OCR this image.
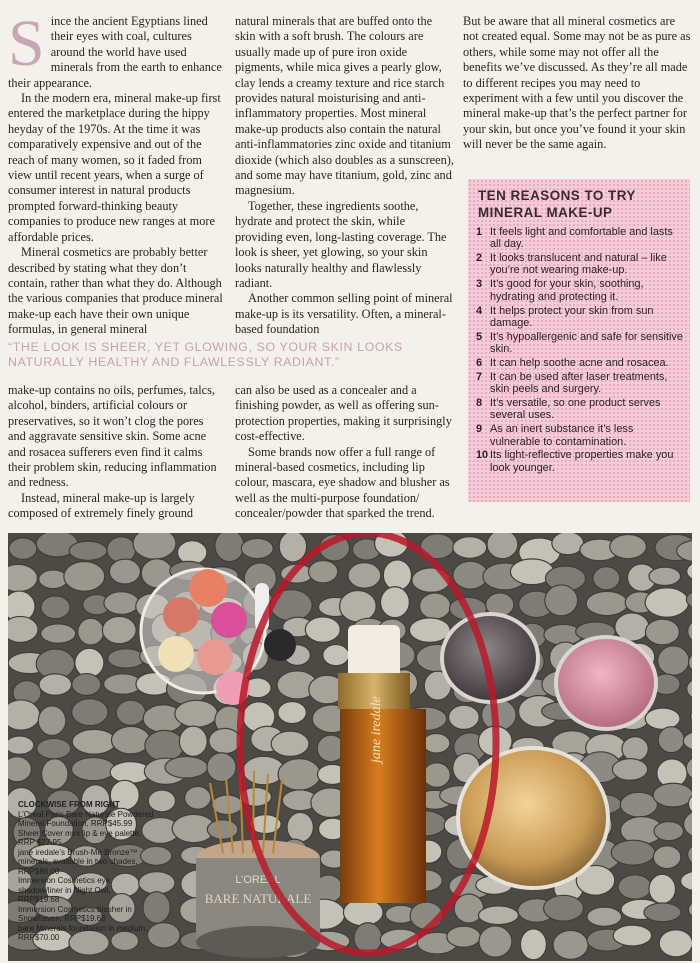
S ince the ancient Egyptians lined their eyes with coal, cultures around the world have used minerals from the earth to enhance their appearance.

In the modern era, mineral make-up first entered the marketplace during the hippy heyday of the 1970s. At the time it was comparatively expensive and out of the reach of many women, so it faded from view until recent years, when a surge of consumer interest in natural products prompted forward-thinking beauty companies to produce new ranges at more affordable prices.

Mineral cosmetics are probably better described by stating what they don’t contain, rather than what they do. Although the various companies that produce mineral make-up each have their own unique formulas, in general mineral

natural minerals that are buffed onto the skin with a soft brush. The colours are usually made up of pure iron oxide pigments, while mica gives a pearly glow, clay lends a creamy texture and rice starch provides natural moisturising and anti-inflammatory properties. Most mineral make-up products also contain the natural anti-inflammatories zinc oxide and titanium dioxide (which also doubles as a sunscreen), and some may have titanium, gold, zinc and magnesium.

Together, these ingredients soothe, hydrate and protect the skin, while providing even, long-lasting coverage. The look is sheer, yet glowing, so your skin looks naturally healthy and flawlessly radiant.

Another common selling point of mineral make-up is its versatility. Often, a mineral-based foundation

But be aware that all mineral cosmetics are not created equal. Some may not be as pure as others, while some may not offer all the benefits we’ve discussed. As they’re all made to different recipes you may need to experiment with a few until you discover the mineral make-up that’s the perfect partner for your skin, but once you’ve found it your skin will never be the same again.

“THE LOOK IS SHEER, YET GLOWING, SO YOUR SKIN LOOKS NATURALLY HEALTHY AND FLAWLESSLY RADIANT.”

make-up contains no oils, perfumes, talcs, alcohol, binders, artificial colours or preservatives, so it won’t clog the pores and aggravate sensitive skin. Some acne and rosacea sufferers even find it calms their problem skin, reducing inflammation and redness.

Instead, mineral make-up is largely composed of extremely finely ground

can also be used as a concealer and a finishing powder, as well as offering sun-protection properties, making it surprisingly cost-effective.

Some brands now offer a full range of mineral-based cosmetics, including lip colour, mascara, eye shadow and blusher as well as the multi-purpose foundation/ concealer/powder that sparked the trend.

TEN REASONS TO TRY MINERAL MAKE-UP
1 It feels light and comfortable and lasts all day.
2 It looks translucent and natural – like you’re not wearing make-up.
3 It’s good for your skin, soothing, hydrating and protecting it.
4 It helps protect your skin from sun damage.
5 It’s hypoallergenic and safe for sensitive skin.
6 It can help soothe acne and rosacea.
7 It can be used after laser treatments, skin peels and surgery.
8 It’s versatile, so one product serves several uses.
9 As an inert substance it’s less vulnerable to contamination.
10 Its light-reflective properties make you look younger.
jane iredale
L’OREAL
BARE NATURALE
CLOCKWISE FROM RIGHT

L’Oreal Paris Bare Naturale Powdered Mineral Foundation, RRP$45.99

Sheer Cover mini lip & eye palette, RRP $27.95

jane iredale’s Brush-Me Bronze™ minerals, available in two shades, RRP$86.00

Immersion Cosmetics eye shadow/liner in Night Owl, RRP$19.68

Immersion Cosmetics blusher in Snowhaven, RRP$19.68

bare Minerals foundation in medium, RRP$70.00
